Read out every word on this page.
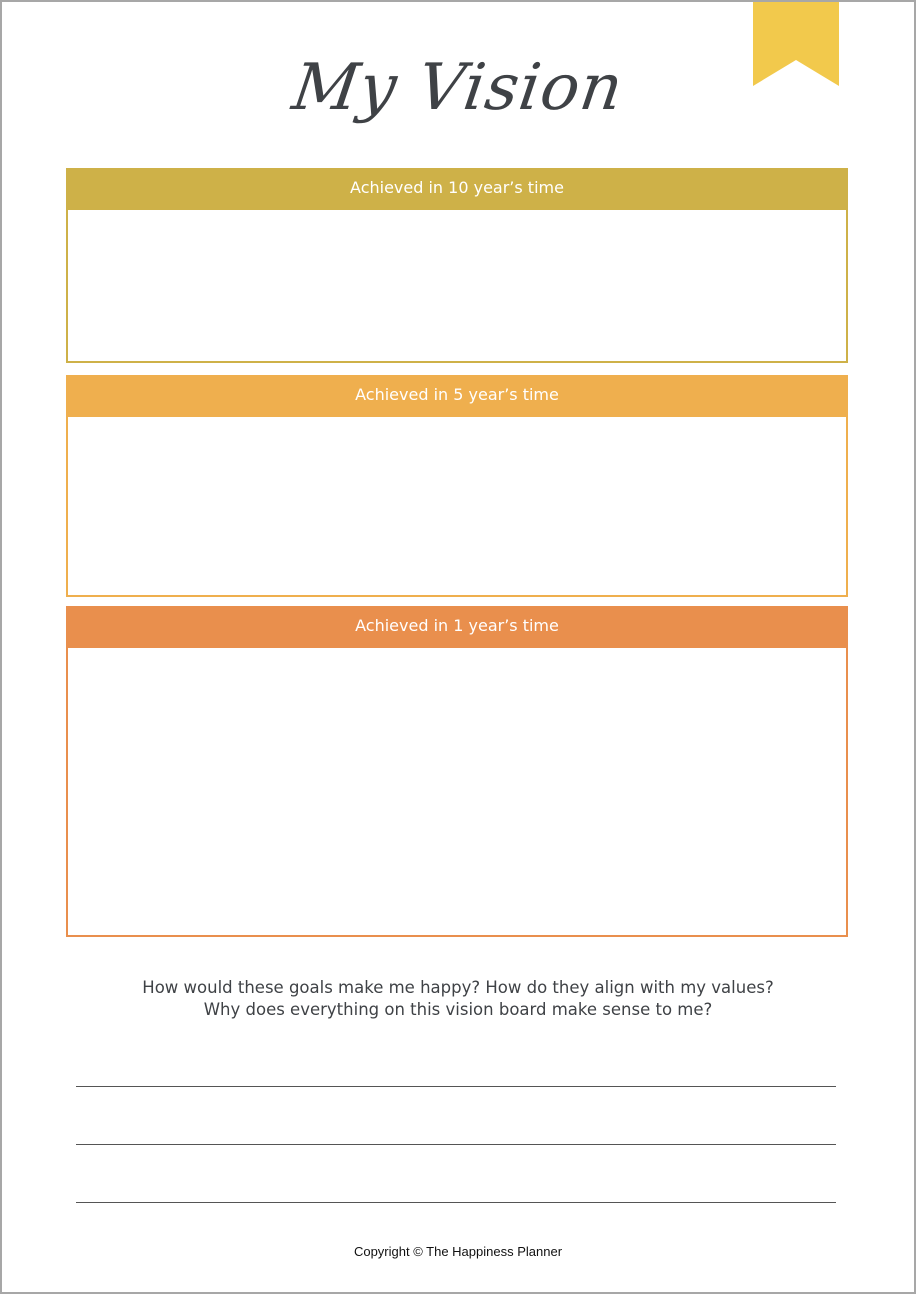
My Vision
Achieved in 10 year’s time
Achieved in 5 year’s time
Achieved in 1 year’s time
How would these goals make me happy? How do they align with my values?
Why does everything on this vision board make sense to me?
Copyright © The Happiness Planner
